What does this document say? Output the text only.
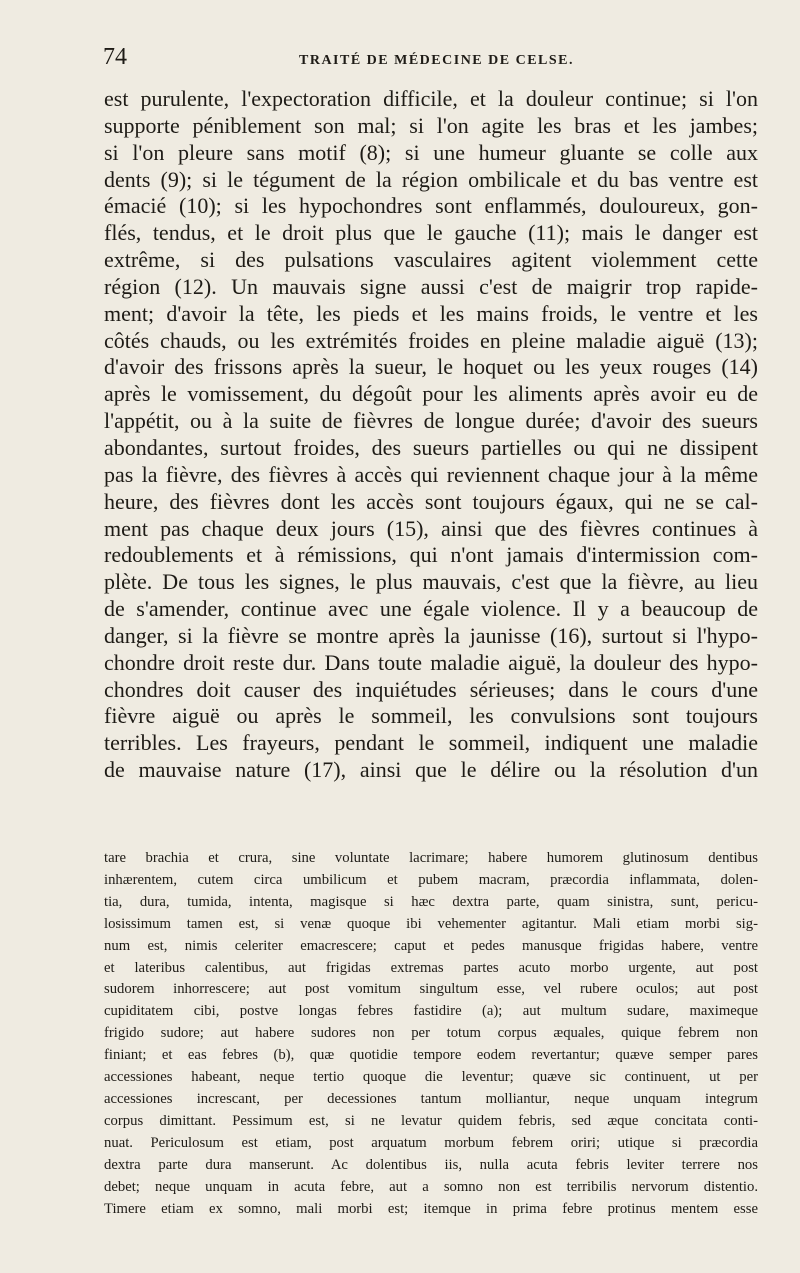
74	TRAITÉ DE MÉDECINE DE CELSE.
est purulente, l'expectoration difficile, et la douleur continue; si l'on
supporte péniblement son mal; si l'on agite les bras et les jambes;
si l'on pleure sans motif (8); si une humeur gluante se colle aux
dents (9); si le tégument de la région ombilicale et du bas ventre est
émacié (10); si les hypochondres sont enflammés, douloureux, gon-
flés, tendus, et le droit plus que le gauche (11); mais le danger est
extrême, si des pulsations vasculaires agitent violemment cette
région (12). Un mauvais signe aussi c'est de maigrir trop rapide-
ment; d'avoir la tête, les pieds et les mains froids, le ventre et les
côtés chauds, ou les extrémités froides en pleine maladie aiguë (13);
d'avoir des frissons après la sueur, le hoquet ou les yeux rouges (14)
après le vomissement, du dégoût pour les aliments après avoir eu de
l'appétit, ou à la suite de fièvres de longue durée; d'avoir des sueurs
abondantes, surtout froides, des sueurs partielles ou qui ne dissipent
pas la fièvre, des fièvres à accès qui reviennent chaque jour à la même
heure, des fièvres dont les accès sont toujours égaux, qui ne se cal-
ment pas chaque deux jours (15), ainsi que des fièvres continues à
redoublements et à rémissions, qui n'ont jamais d'intermission com-
plète. De tous les signes, le plus mauvais, c'est que la fièvre, au lieu
de s'amender, continue avec une égale violence. Il y a beaucoup de
danger, si la fièvre se montre après la jaunisse (16), surtout si l'hypo-
chondre droit reste dur. Dans toute maladie aiguë, la douleur des hypo-
chondres doit causer des inquiétudes sérieuses; dans le cours d'une
fièvre aiguë ou après le sommeil, les convulsions sont toujours
terribles. Les frayeurs, pendant le sommeil, indiquent une maladie
de mauvaise nature (17), ainsi que le délire ou la résolution d'un
tare brachia et crura, sine voluntate lacrimare; habere humorem glutinosum dentibus
inhærentem, cutem circa umbilicum et pubem macram, præcordia inflammata, dolen-
tia, dura, tumida, intenta, magisque si hæc dextra parte, quam sinistra, sunt, pericu-
losissimum tamen est, si venæ quoque ibi vehementer agitantur. Mali etiam morbi sig-
num est, nimis celeriter emacrescere; caput et pedes manusque frigidas habere, ventre
et lateribus calentibus, aut frigidas extremas partes acuto morbo urgente, aut post
sudorem inhorrescere; aut post vomitum singultum esse, vel rubere oculos; aut post
cupiditatem cibi, postve longas febres fastidire (a); aut multum sudare, maximeque
frigido sudore; aut habere sudores non per totum corpus æquales, quique febrem non
finiant; et eas febres (b), quæ quotidie tempore eodem revertantur; quæve semper pares
accessiones habeant, neque tertio quoque die leventur; quæve sic continuent, ut per
accessiones increscant, per decessiones tantum molliantur, neque unquam integrum
corpus dimittant. Pessimum est, si ne levatur quidem febris, sed æque concitata conti-
nuat. Periculosum est etiam, post arquatum morbum febrem oriri; utique si præcordia
dextra parte dura manserunt. Ac dolentibus iis, nulla acuta febris leviter terrere nos
debet; neque unquam in acuta febre, aut a somno non est terribilis nervorum distentio.
Timere etiam ex somno, mali morbi est; itemque in prima febre protinus mentem esse
